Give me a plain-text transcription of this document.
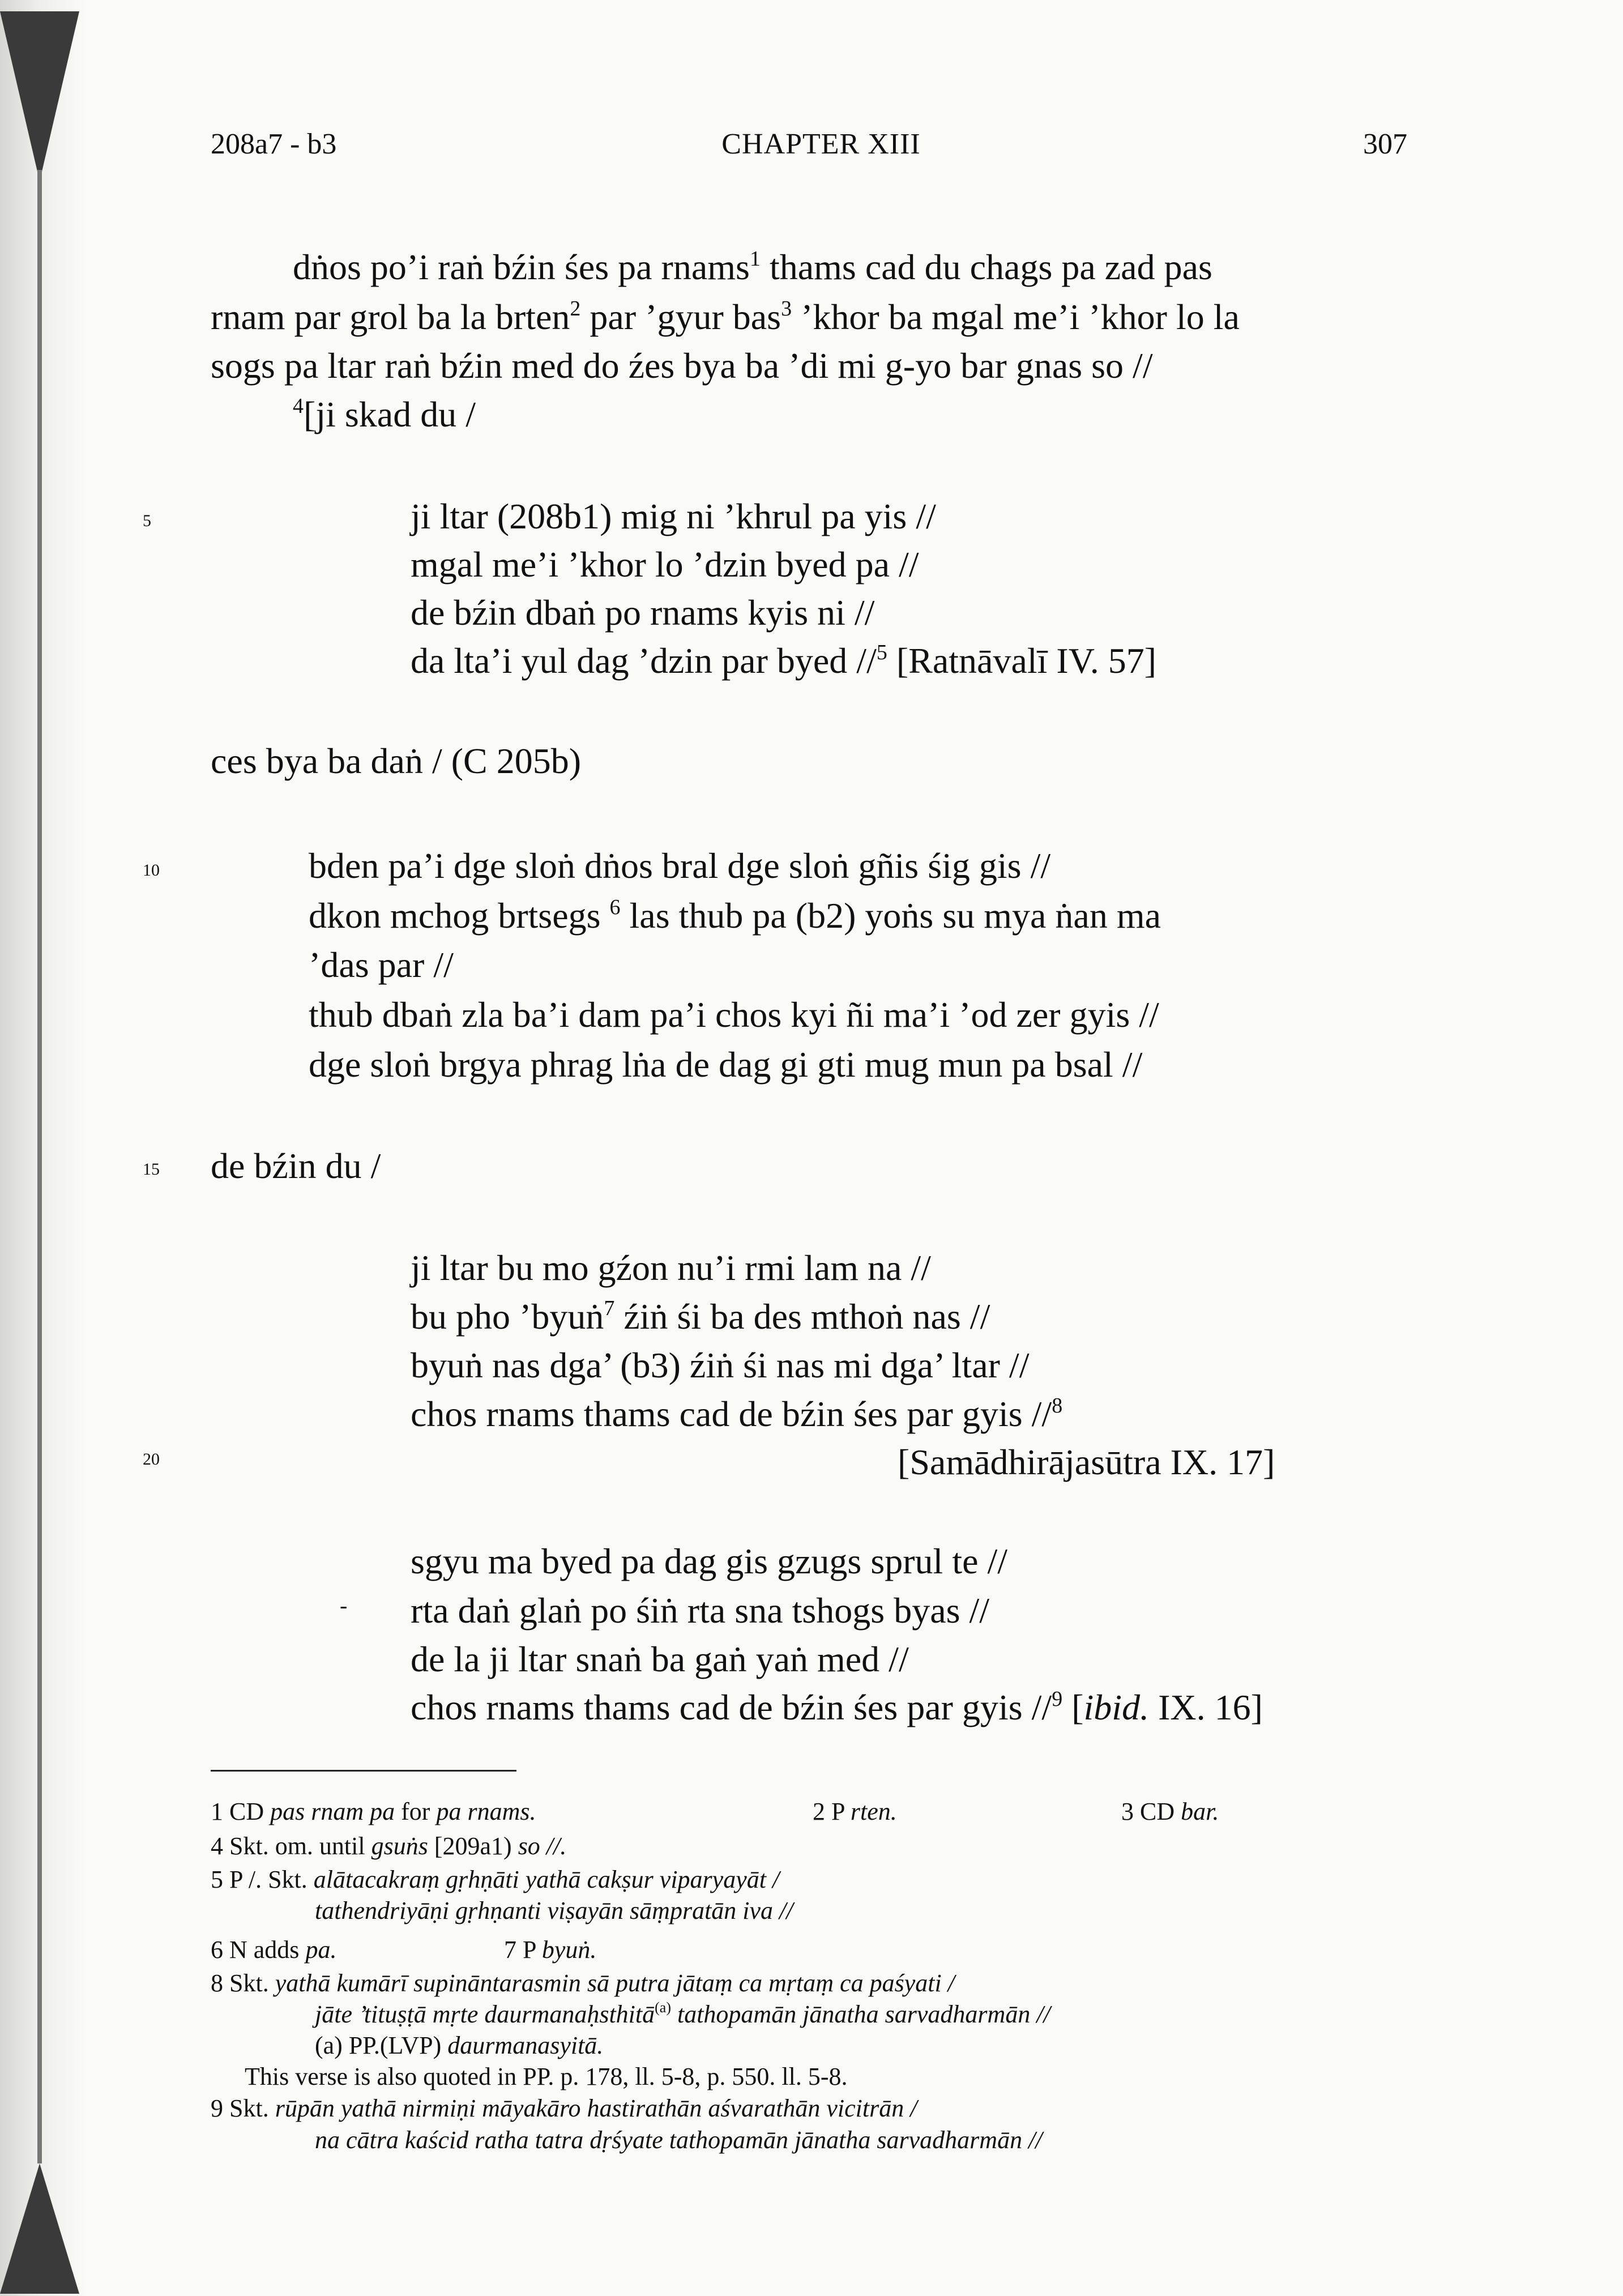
208a7 - b3	CHAPTER XIII	307
5
10
15
20
dṅos po’i raṅ bźin śes pa rnams$^1$ thams cad du chags pa zad pas
rnam par grol ba la brten$^2$ par ’gyur bas$^3$ ’khor ba mgal me’i ’khor lo la
sogs pa ltar raṅ bźin med do źes bya ba ’di mi g-yo bar gnas so //
$^4$[ji skad du /
ji ltar (208b1) mig ni ’khrul pa yis //
mgal me’i ’khor lo ’dzin byed pa //
de bźin dbaṅ po rnams kyis ni //
da lta’i yul dag ’dzin par byed //$^5$ [Ratnāvalī IV. 57]
ces bya ba daṅ / (C 205b)
bden pa’i dge sloṅ dṅos bral dge sloṅ gñis śig gis //
dkon mchog brtsegs $^6$ las thub pa (b2) yoṅs su mya ṅan ma
’das par //
thub dbaṅ zla ba’i dam pa’i chos kyi ñi ma’i ’od zer gyis //
dge sloṅ brgya phrag lṅa de dag gi gti mug mun pa bsal //
de bźin du /
ji ltar bu mo gźon nu’i rmi lam na //
bu pho ’byuṅ$^7$ źiṅ śi ba des mthoṅ nas //
byuṅ nas dga’ (b3) źiṅ śi nas mi dga’ ltar //
chos rnams thams cad de bźin śes par gyis //$^8$
[Samādhirājasūtra IX. 17]
sgyu ma byed pa dag gis gzugs sprul te //
- rta daṅ glaṅ po śiṅ rta sna tshogs byas //
de la ji ltar snaṅ ba gaṅ yaṅ med //
chos rnams thams cad de bźin śes par gyis //$^9$ [ibid. IX. 16]
1 CD pas rnam pa for pa rnams.	2 P rten.	3 CD bar.
4 Skt. om. until gsuṅs [209a1) so //.
5 P /. Skt. alātacakraṃ gṛhṇāti yathā cakṣur viparyayāt /
tathendriyāṇi gṛhṇanti viṣayān sāṃpratān iva //
6 N adds pa.	7 P byuṅ.
8 Skt. yathā kumārī supināntarasmin sā putra jātaṃ ca mṛtaṃ ca paśyati /
jāte ’tituṣṭā mṛte daurmanaḥsthitā$^{(a)}$ tathopamān jānatha sarvadharmān //
(a) PP.(LVP) daurmanasyitā.
This verse is also quoted in PP. p. 178, ll. 5-8, p. 550. ll. 5-8.
9 Skt. rūpān yathā nirmiṇi māyakāro hastirathān aśvarathān vicitrān /
na cātra kaścid ratha tatra dṛśyate tathopamān jānatha sarvadharmān //
